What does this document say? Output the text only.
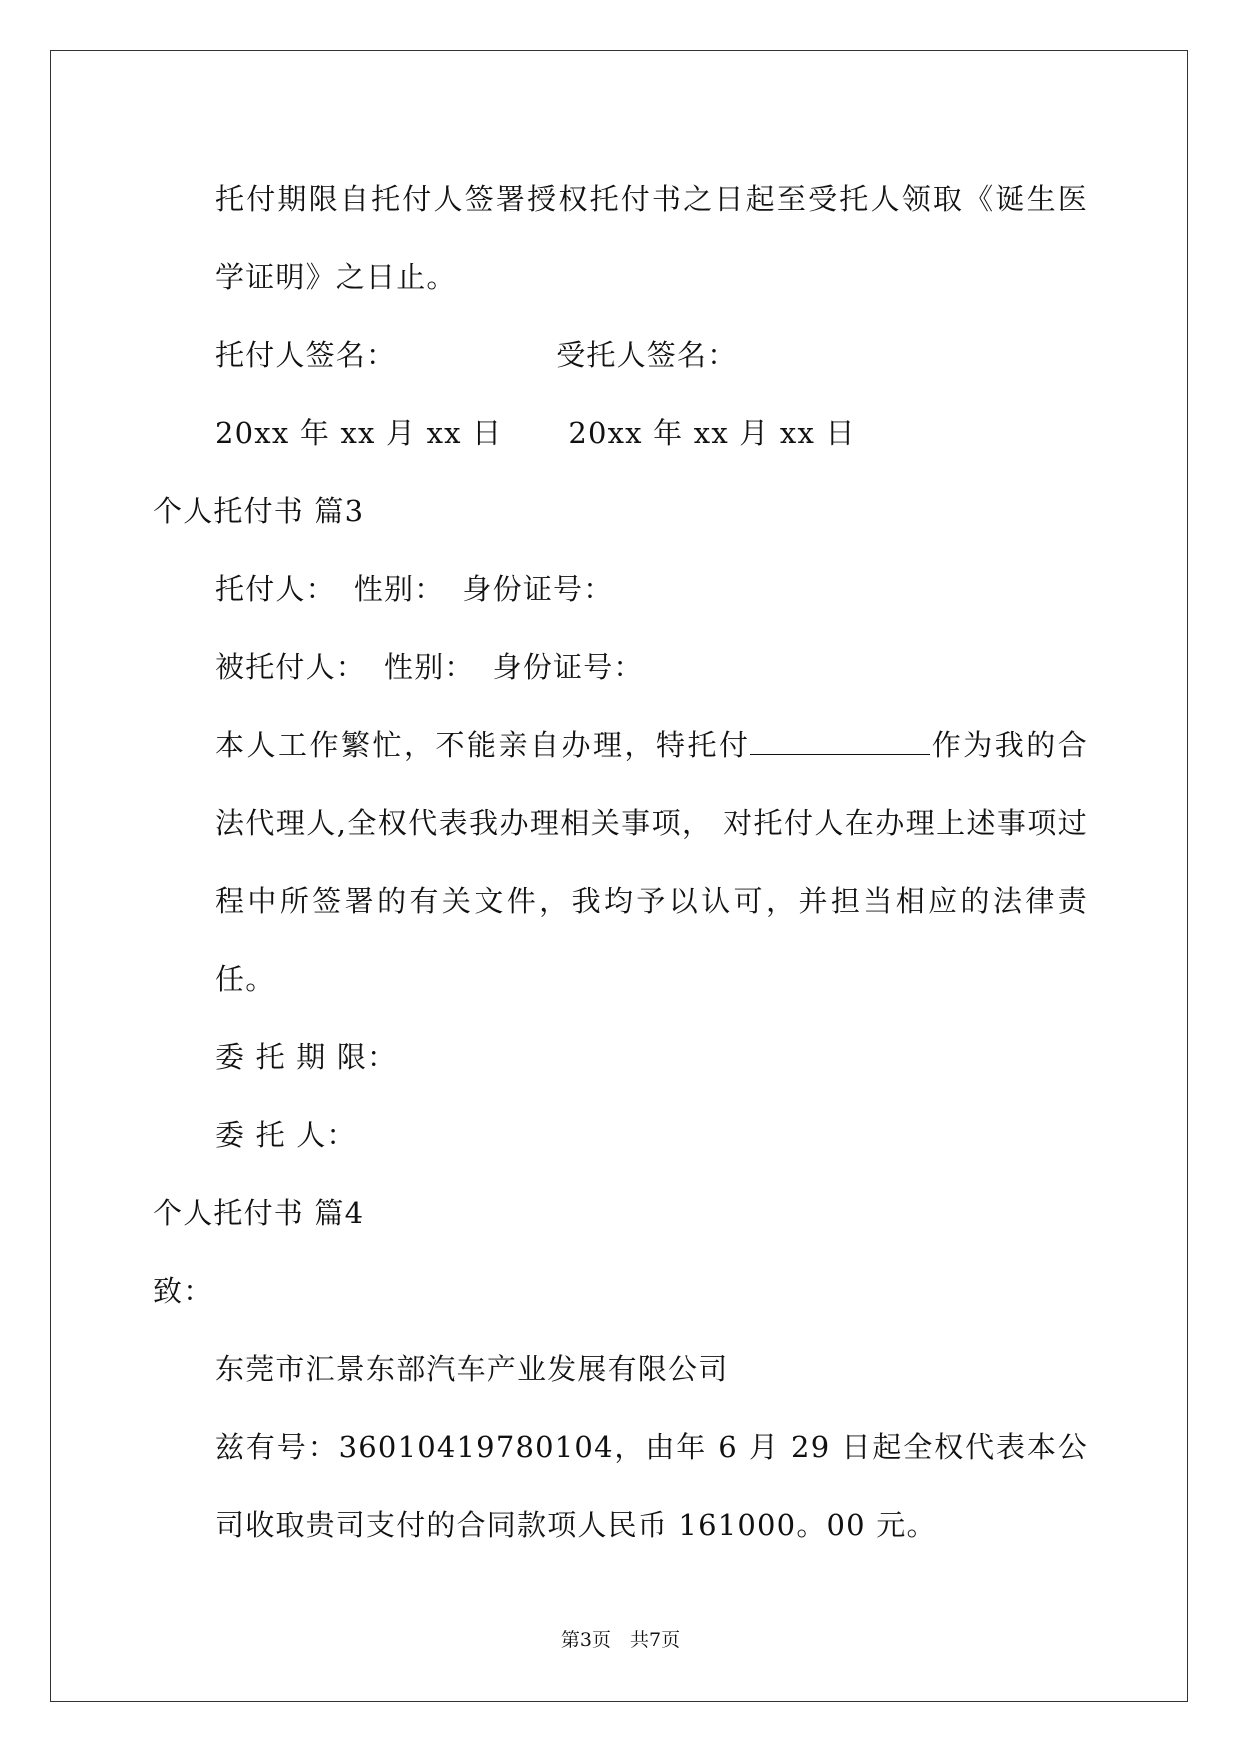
托付期限自托付人签署授权托付书之日起至受托人领取《诞生医学证明》之日止。

托付人签名：	受托人签名：

20xx 年 xx 月 xx 日 20xx 年 xx 月 xx 日

个人托付书 篇3

托付人： 性别： 身份证号：

被托付人： 性别： 身份证号：

本人工作繁忙，不能亲自办理，特托付	作为我的合法代理人,全权代表我办理相关事项， 对托付人在办理上述事项过程中所签署的有关文件，我均予以认可，并担当相应的法律责任。

委 托 期 限：

委 托 人：

个人托付书 篇4

致：

东莞市汇景东部汽车产业发展有限公司

兹有号：36010419780104，由年 6 月 29 日起全权代表本公司收取贵司支付的合同款项人民币 161000。00 元。

第3页　共7页
